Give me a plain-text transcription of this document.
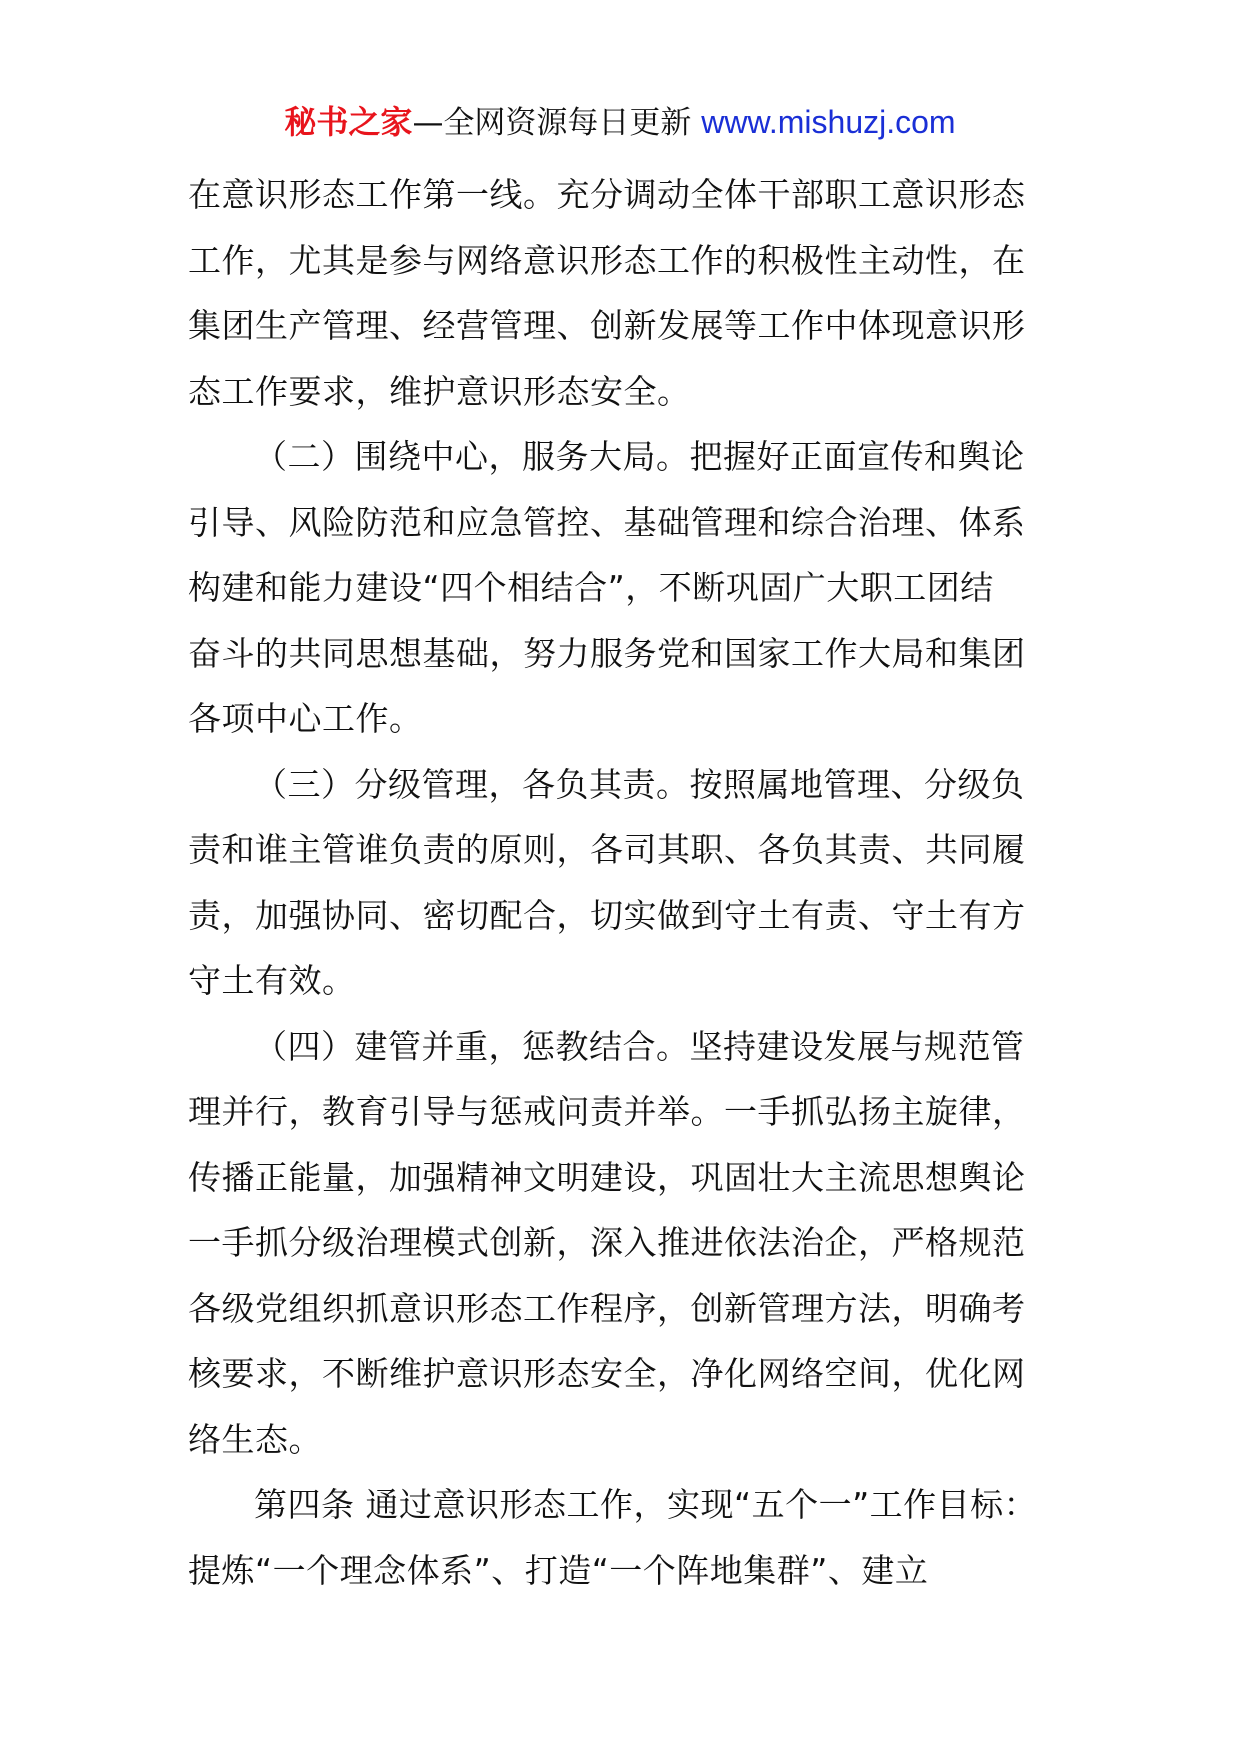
秘书之家—全网资源每日更新 www.mishuzj.com
在意识形态工作第一线。充分调动全体干部职工意识形态
工作，尤其是参与网络意识形态工作的积极性主动性，在
集团生产管理、经营管理、创新发展等工作中体现意识形
态工作要求，维护意识形态安全。
（二）围绕中心，服务大局。把握好正面宣传和舆论
引导、风险防范和应急管控、基础管理和综合治理、体系
构建和能力建设“四个相结合”，不断巩固广大职工团结
奋斗的共同思想基础，努力服务党和国家工作大局和集团
各项中心工作。
（三）分级管理，各负其责。按照属地管理、分级负
责和谁主管谁负责的原则，各司其职、各负其责、共同履
责，加强协同、密切配合，切实做到守土有责、守土有方
守土有效。
（四）建管并重，惩教结合。坚持建设发展与规范管
理并行，教育引导与惩戒问责并举。一手抓弘扬主旋律，
传播正能量，加强精神文明建设，巩固壮大主流思想舆论
一手抓分级治理模式创新，深入推进依法治企，严格规范
各级党组织抓意识形态工作程序，创新管理方法，明确考
核要求，不断维护意识形态安全，净化网络空间，优化网
络生态。
第四条 通过意识形态工作，实现“五个一”工作目标：
提炼“一个理念体系”、打造“一个阵地集群”、建立
